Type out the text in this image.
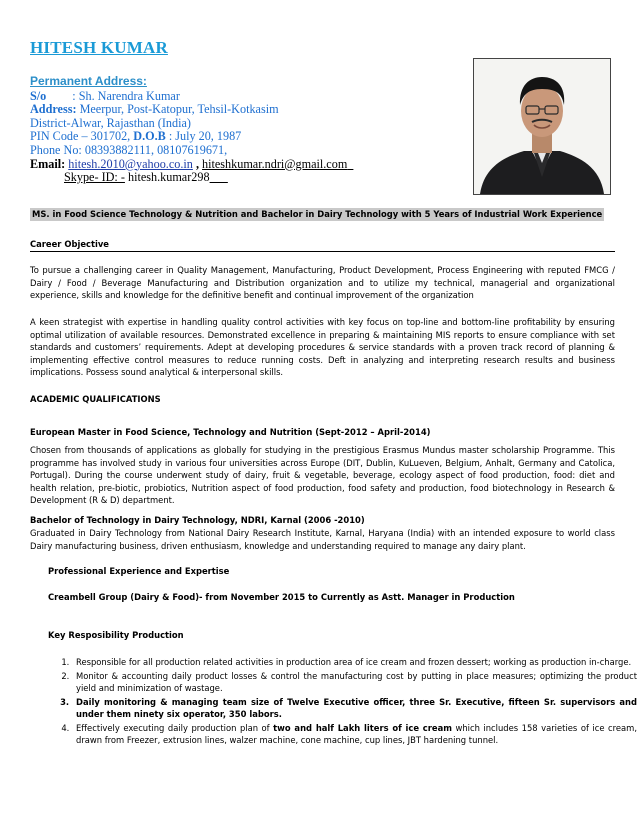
HITESH KUMAR
Permanent Address:
S/o : Sh. Narendra Kumar
Address: Meerpur, Post-Katopur, Tehsil-Kotkasim
District-Alwar, Rajasthan (India)
PIN Code – 301702, D.O.B : July 20, 1987
Phone No: 08393882111, 08107619671,
Email: hitesh.2010@yahoo.co.in , hiteshkumar.ndri@gmail.com
Skype- ID: - hitesh.kumar298
MS. in Food Science Technology & Nutrition and Bachelor in Dairy Technology with 5 Years of Industrial Work Experience
Career Objective
To pursue a challenging career in Quality Management, Manufacturing, Product Development, Process Engineering with reputed FMCG / Dairy / Food / Beverage Manufacturing and Distribution organization and to utilize my technical, managerial and organizational experience, skills and knowledge for the definitive benefit and continual improvement of the organization
A keen strategist with expertise in handling quality control activities with key focus on top-line and bottom-line profitability by ensuring optimal utilization of available resources. Demonstrated excellence in preparing & maintaining MIS reports to ensure compliance with set standards and customers’ requirements. Adept at developing procedures & service standards with a proven track record of planning & implementing effective control measures to reduce running costs. Deft in analyzing and interpreting research results and business implications. Possess sound analytical & interpersonal skills.
ACADEMIC QUALIFICATIONS
European Master in Food Science, Technology and Nutrition (Sept-2012 – April-2014)
Chosen from thousands of applications as globally for studying in the prestigious Erasmus Mundus master scholarship Programme. This programme has involved study in various four universities across Europe (DIT, Dublin, KuLueven, Belgium, Anhalt, Germany and Catolica, Portugal). During the course underwent study of dairy, fruit & vegetable, beverage, ecology aspect of food production, food: diet and health relation, pre-biotic, probiotics, Nutrition aspect of food production, food safety and production, food biotechnology in Research & Development (R & D) department.
Bachelor of Technology in Dairy Technology, NDRI, Karnal (2006 -2010)
Graduated in Dairy Technology from National Dairy Research Institute, Karnal, Haryana (India) with an intended exposure to world class Dairy manufacturing business, driven enthusiasm, knowledge and understanding required to manage any dairy plant.
Professional Experience and Expertise
Creambell Group (Dairy & Food)- from November 2015 to Currently as Astt. Manager in Production
Key Resposibility Production
1. Responsible for all production related activities in production area of ice cream and frozen dessert; working as production in-charge.
2. Monitor & accounting daily product losses & control the manufacturing cost by putting in place measures; optimizing the product yield and minimization of wastage.
3. Daily monitoring & managing team size of Twelve Executive officer, three Sr. Executive, fifteen Sr. supervisors and under them ninety six operator, 350 labors.
4. Effectively executing daily production plan of two and half Lakh liters of ice cream which includes 158 varieties of ice cream, drawn from Freezer, extrusion lines, walzer machine, cone machine, cup lines, JBT hardening tunnel.
